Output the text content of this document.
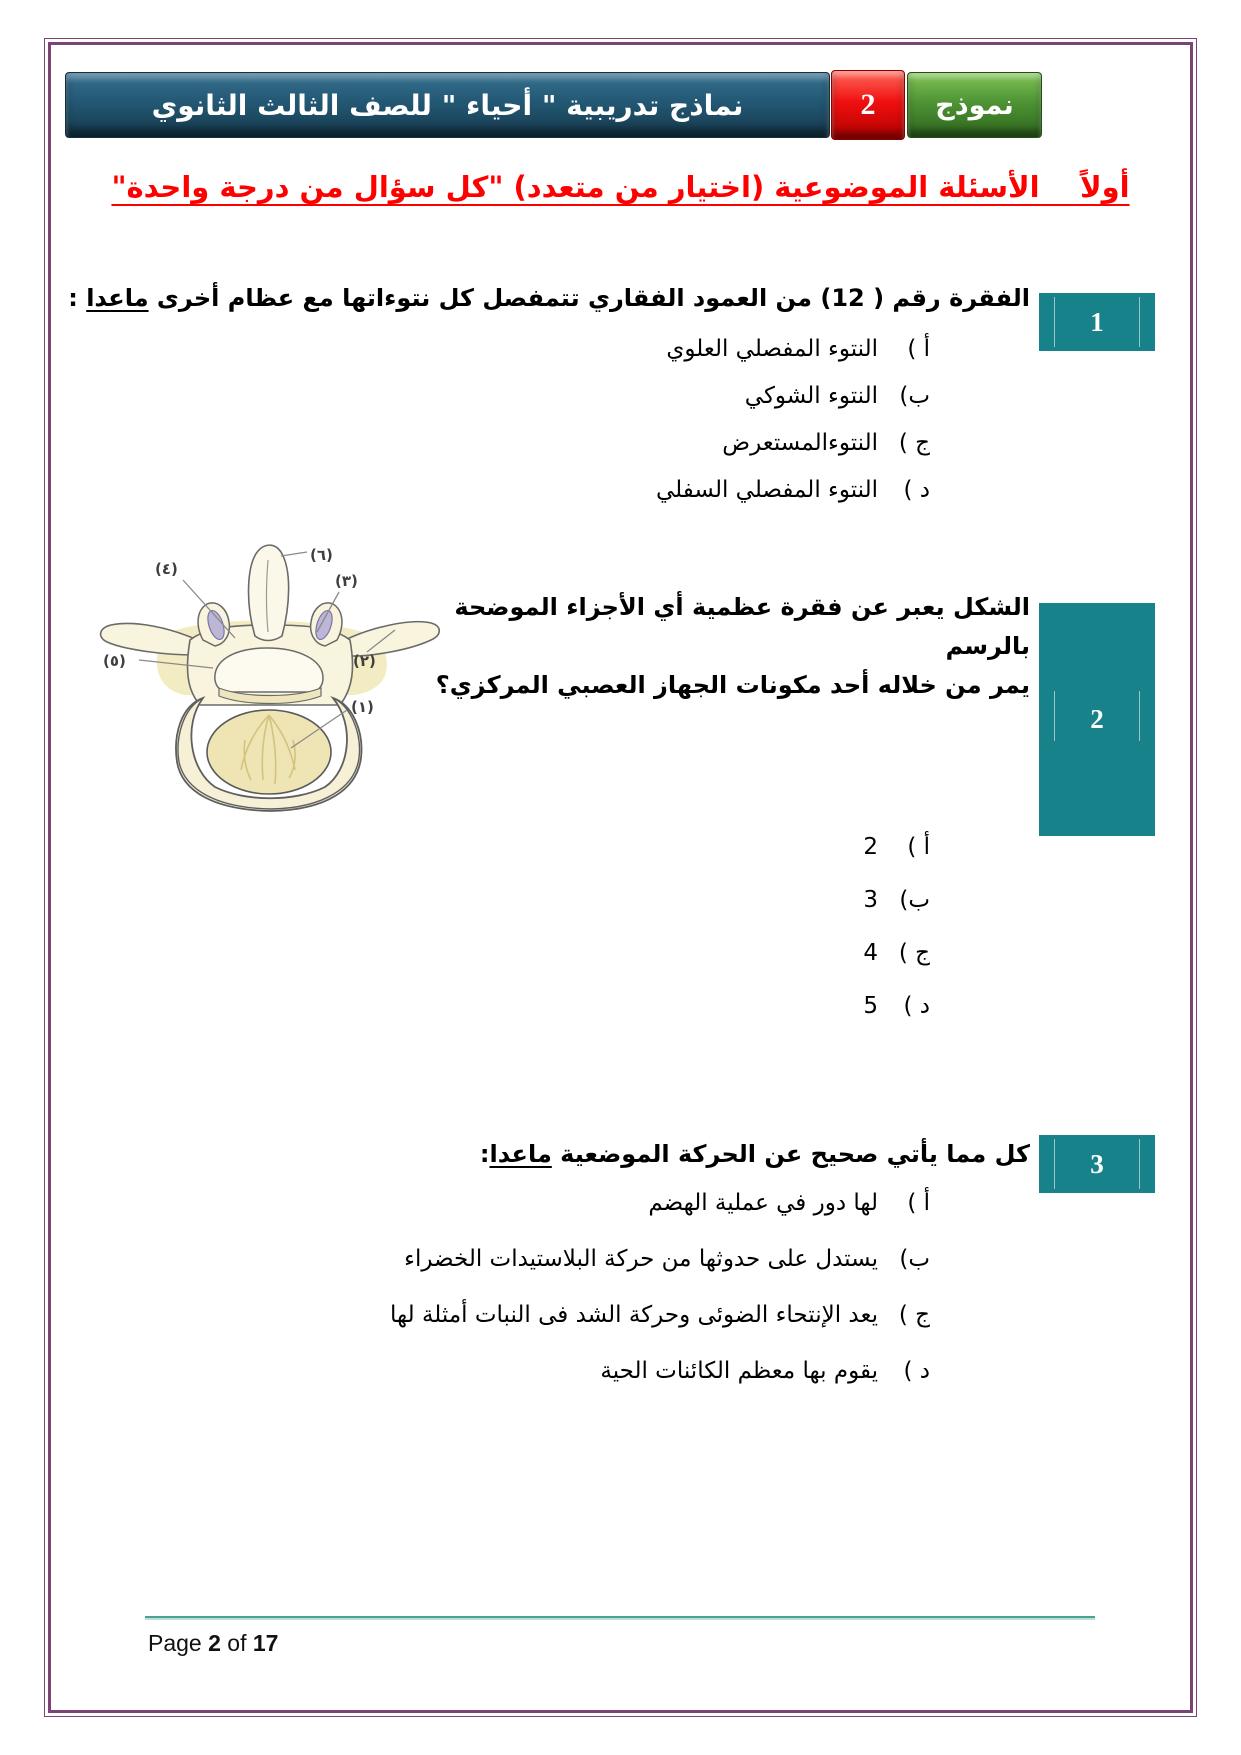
نماذج تدريبية " أحياء " للصف الثالث الثانوي	2 نموذج
أولاً    الأسئلة الموضوعية (اختيار من متعدد) "كل سؤال من درجة واحدة"
1
الفقرة رقم ( 12) من العمود الفقاري تتمفصل كل نتوءاتها مع عظام أخرى ماعدا :
أ )
النتوء المفصلي العلوي
ب)
النتوء الشوكي
ج )
النتوءالمستعرض
د )
النتوء المفصلي السفلي
2
الشكل يعبر عن فقرة عظمية أي الأجزاء الموضحة بالرسم
يمر من خلاله أحد مكونات الجهاز العصبي المركزي؟
(٦)
(٤)
(٣)
(٥)	(٢)
(١)
أ )
2
ب)
3
ج )
4
د )
5
3
كل مما يأتي صحيح عن الحركة الموضعية ماعدا:
أ )
لها دور في عملية الهضم
ب)
يستدل على حدوثها من حركة البلاستيدات الخضراء
ج )
يعد الإنتحاء الضوئى وحركة الشد فى النبات أمثلة لها
د )
يقوم بها معظم الكائنات الحية
Page 2 of 17
